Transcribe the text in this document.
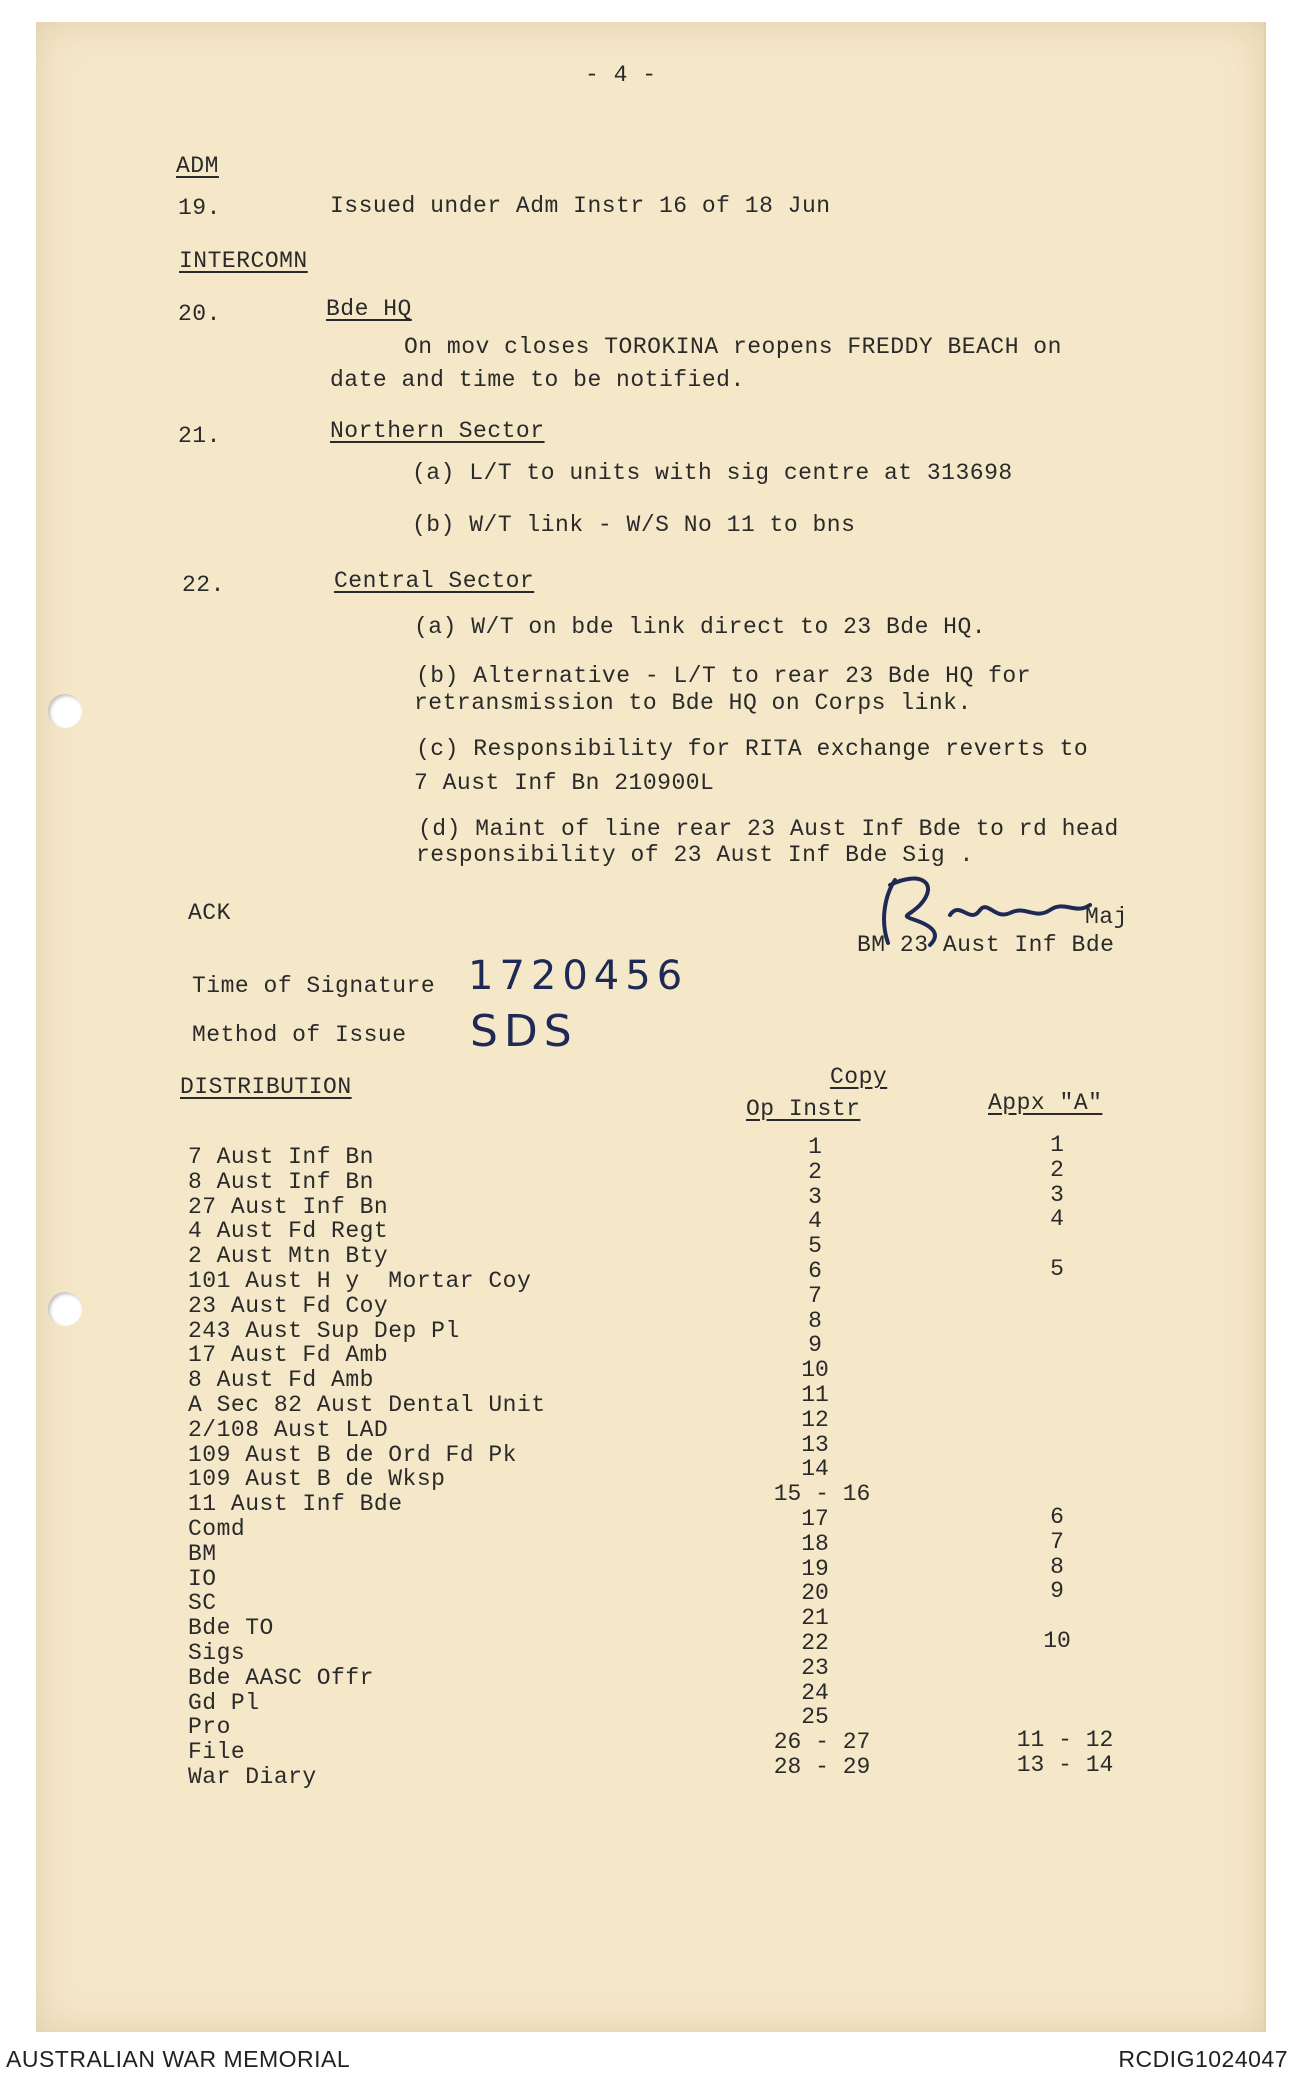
- 4 -
ADM
19.	Issued under Adm Instr 16 of 18 Jun
INTERCOMN
20.	Bde HQ
On mov closes TOROKINA reopens FREDDY BEACH on
date and time to be notified.
21.	Northern Sector
(a) L/T to units with sig centre at 313698
(b) W/T link - W/S No 11 to bns
22.	Central Sector
(a) W/T on bde link direct to 23 Bde HQ.
(b) Alternative - L/T to rear 23 Bde HQ for
retransmission to Bde HQ on Corps link.
(c) Responsibility for RITA exchange reverts to
7 Aust Inf Bn 210900L
(d) Maint of line rear 23 Aust Inf Bde to rd head
responsibility of 23 Aust Inf Bde Sig .
ACK	Maj
BM 23 Aust Inf Bde
Time of Signature 1720456
Method of Issue SDS
DISTRIBUTION	Copy
Op Instr	Appx "A"
7 Aust Inf Bn	1	1
8 Aust Inf Bn	2	2
27 Aust Inf Bn	3	3
4 Aust Fd Regt	4	4
2 Aust Mtn Bty	5
101 Aust H y  Mortar Coy	6	5
23 Aust Fd Coy	7
243 Aust Sup Dep Pl	8
17 Aust Fd Amb	9
8 Aust Fd Amb	10
A Sec 82 Aust Dental Unit	11
2/108 Aust LAD	12
109 Aust B de Ord Fd Pk	13
109 Aust B de Wksp	14
11 Aust Inf Bde	15 - 16
Comd	17	6
BM	18	7
IO	19	8
SC	20	9
Bde TO	21
Sigs	22	10
Bde AASC Offr	23
Gd Pl	24
Pro	25
File	26 - 27	11 - 12
War Diary	28 - 29	13 - 14
AUSTRALIAN WAR MEMORIAL	RCDIG1024047
